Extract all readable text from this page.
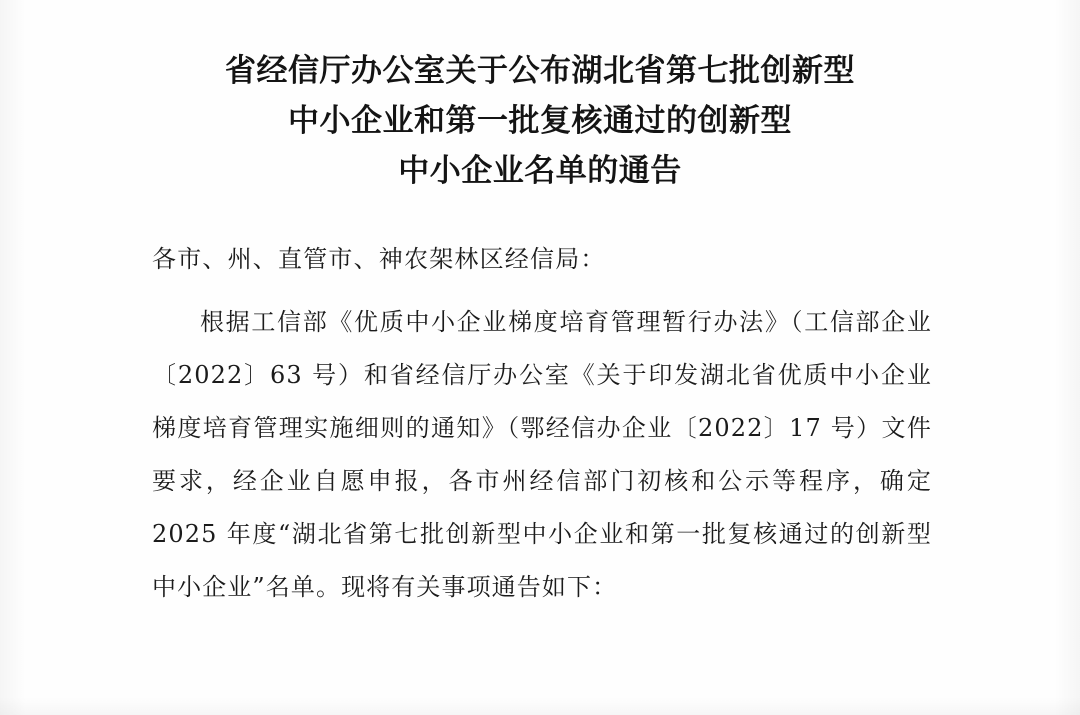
省经信厅办公室关于公布湖北省第七批创新型
中小企业和第一批复核通过的创新型
中小企业名单的通告

各市、州、直管市、神农架林区经信局：

根据工信部《优质中小企业梯度培育管理暂行办法》（工信部企业〔2022〕63 号）和省经信厅办公室《关于印发湖北省优质中小企业梯度培育管理实施细则的通知》（鄂经信办企业〔2022〕17 号）文件要求，经企业自愿申报，各市州经信部门初核和公示等程序，确定 2025 年度“湖北省第七批创新型中小企业和第一批复核通过的创新型中小企业”名单。现将有关事项通告如下：
